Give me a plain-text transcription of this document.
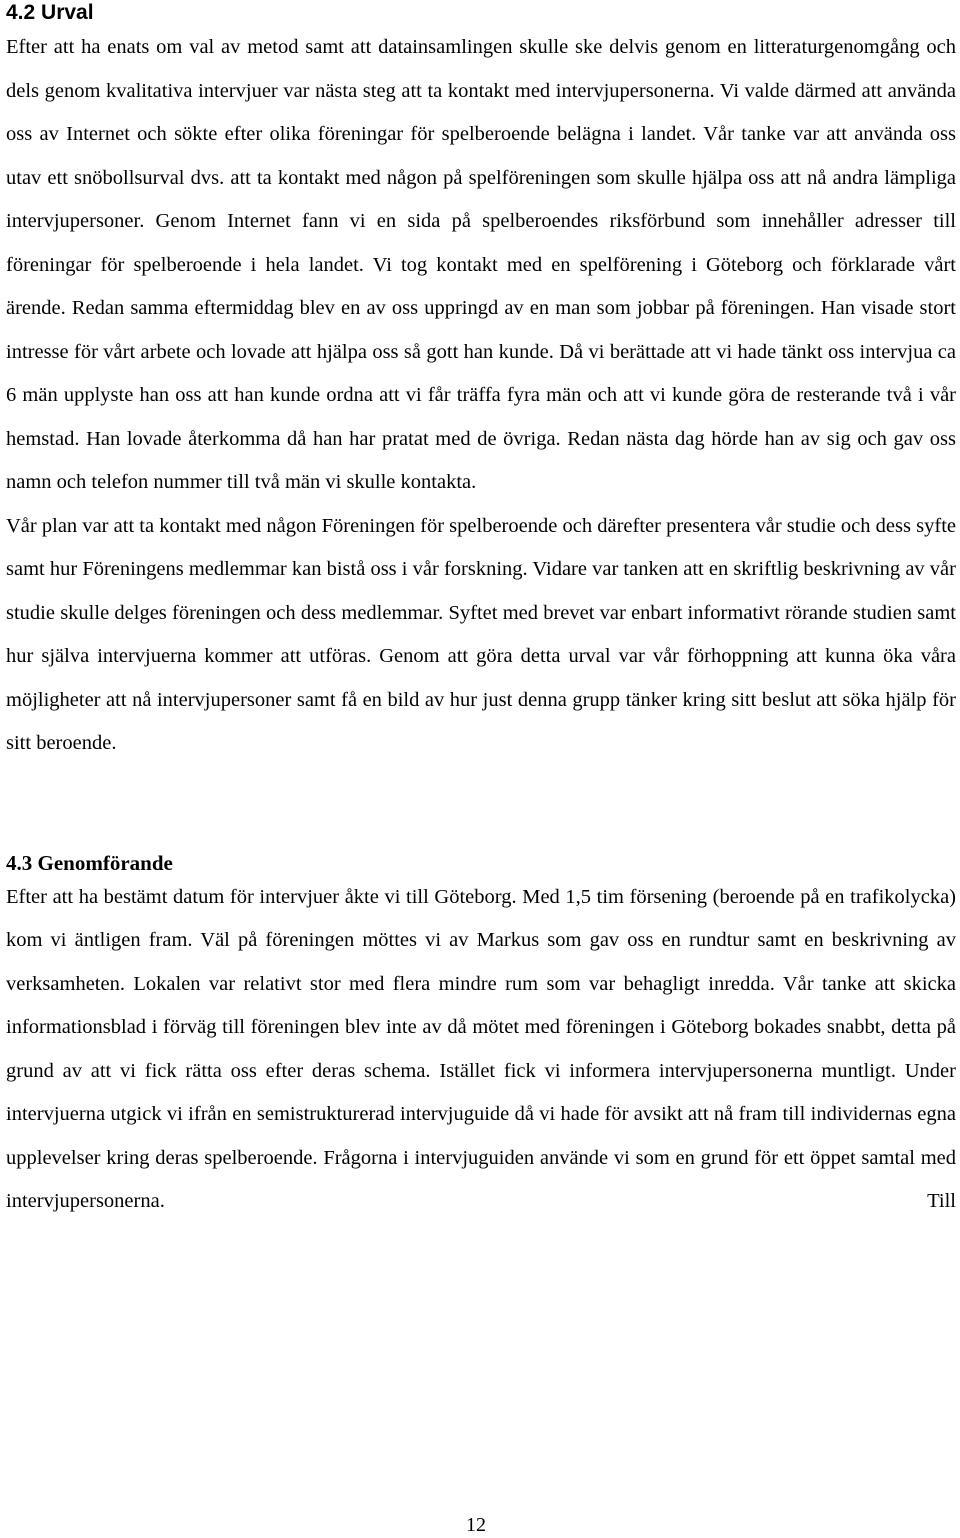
4.2 Urval

Efter att ha enats om val av metod samt att datainsamlingen skulle ske delvis genom en litteraturgenomgång och dels genom kvalitativa intervjuer var nästa steg att ta kontakt med intervjupersonerna. Vi valde därmed att använda oss av Internet och sökte efter olika föreningar för spelberoende belägna i landet. Vår tanke var att använda oss utav ett snöbollsurval dvs. att ta kontakt med någon på spelföreningen som skulle hjälpa oss att nå andra lämpliga intervjupersoner. Genom Internet fann vi en sida på spelberoendes riksförbund som innehåller adresser till föreningar för spelberoende i hela landet. Vi tog kontakt med en spelförening i Göteborg och förklarade vårt ärende. Redan samma eftermiddag blev en av oss uppringd av en man som jobbar på föreningen. Han visade stort intresse för vårt arbete och lovade att hjälpa oss så gott han kunde. Då vi berättade att vi hade tänkt oss intervjua ca 6 män upplyste han oss att han kunde ordna att vi får träffa fyra män och att vi kunde göra de resterande två i vår hemstad. Han lovade återkomma då han har pratat med de övriga. Redan nästa dag hörde han av sig och gav oss namn och telefon nummer till två män vi skulle kontakta.

Vår plan var att ta kontakt med någon Föreningen för spelberoende och därefter presentera vår studie och dess syfte samt hur Föreningens medlemmar kan bistå oss i vår forskning. Vidare var tanken att en skriftlig beskrivning av vår studie skulle delges föreningen och dess medlemmar. Syftet med brevet var enbart informativt rörande studien samt hur själva intervjuerna kommer att utföras. Genom att göra detta urval var vår förhoppning att kunna öka våra möjligheter att nå intervjupersoner samt få en bild av hur just denna grupp tänker kring sitt beslut att söka hjälp för sitt beroende.

4.3 Genomförande

Efter att ha bestämt datum för intervjuer åkte vi till Göteborg. Med 1,5 tim försening (beroende på en trafikolycka) kom vi äntligen fram. Väl på föreningen möttes vi av Markus som gav oss en rundtur samt en beskrivning av verksamheten. Lokalen var relativt stor med flera mindre rum som var behagligt inredda. Vår tanke att skicka informationsblad i förväg till föreningen blev inte av då mötet med föreningen i Göteborg bokades snabbt, detta på grund av att vi fick rätta oss efter deras schema. Istället fick vi informera intervjupersonerna muntligt. Under intervjuerna utgick vi ifrån en semistrukturerad intervjuguide då vi hade för avsikt att nå fram till individernas egna upplevelser kring deras spelberoende. Frågorna i intervjuguiden använde vi som en grund för ett öppet samtal med intervjupersonerna. Till

12
